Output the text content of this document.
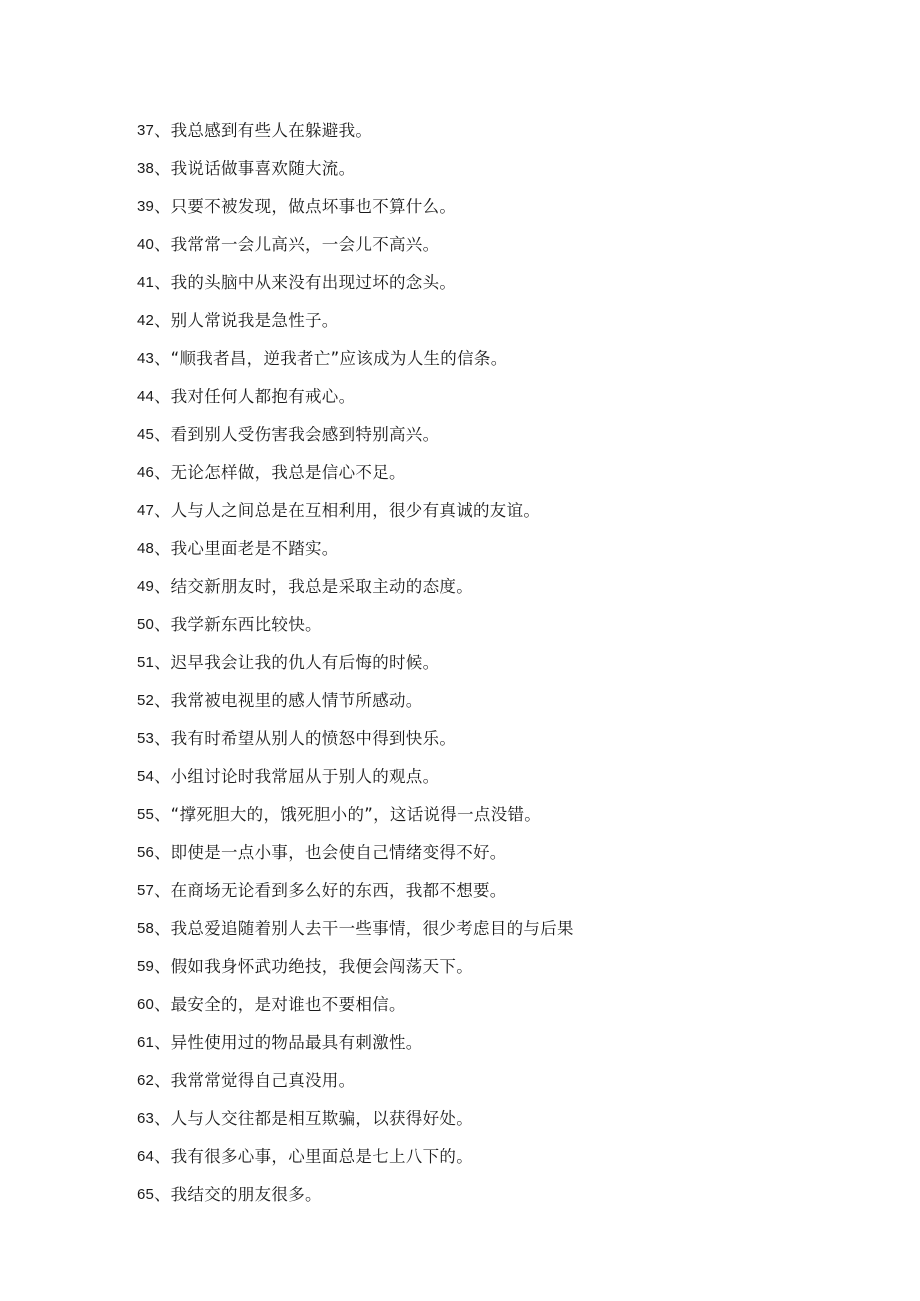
37 、 我总感到有些人在躲避我。
38 、 我说话做事喜欢随大流。
39 、 只要不被发现，做点坏事也不算什么。
40 、 我常常一会儿高兴，一会儿不高兴。
41 、 我的头脑中从来没有出现过坏的念头。
42 、 别人常说我是急性子。
43 、 “顺我者昌，逆我者亡”应该成为人生的信条。
44 、 我对任何人都抱有戒心。
45 、 看到别人受伤害我会感到特别高兴。
46 、 无论怎样做，我总是信心不足。
47 、 人与人之间总是在互相利用，很少有真诚的友谊。
48 、 我心里面老是不踏实。
49 、 结交新朋友时，我总是采取主动的态度。
50 、 我学新东西比较快。
51 、 迟早我会让我的仇人有后悔的时候。
52 、 我常被电视里的感人情节所感动。
53 、 我有时希望从别人的愤怒中得到快乐。
54 、 小组讨论时我常屈从于别人的观点。
55 、 “撑死胆大的，饿死胆小的”，这话说得一点没错。
56 、 即使是一点小事，也会使自己情绪变得不好。
57 、 在商场无论看到多么好的东西，我都不想要。
58 、 我总爱追随着别人去干一些事情，很少考虑目的与后果
59 、 假如我身怀武功绝技，我便会闯荡天下。
60 、 最安全的，是对谁也不要相信。
61 、 异性使用过的物品最具有刺激性。
62 、 我常常觉得自己真没用。
63 、 人与人交往都是相互欺骗，以获得好处。
64 、 我有很多心事，心里面总是七上八下的。
65 、 我结交的朋友很多。
